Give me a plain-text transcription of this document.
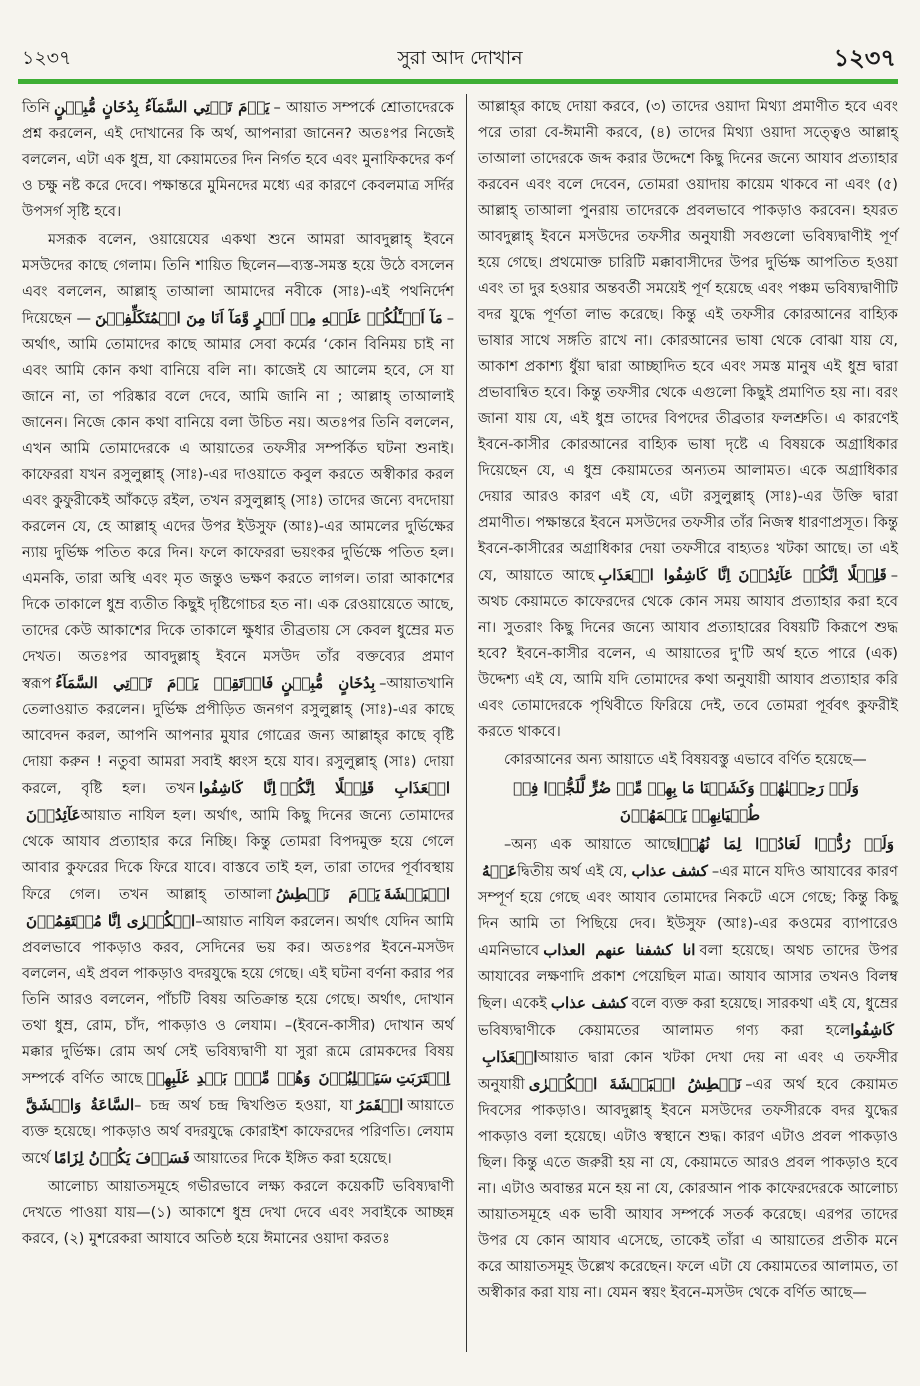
১২৩৭	সুরা আদ দোখান	১২৩৭

তিনি يَوۡمَ تَاۡتِي السَّمَآءُ بِدُخَانٍ مُّبِيۡنٍ – আয়াত সম্পর্কে শ্রোতাদেরকে প্রশ্ন করলেন, এই দোখানের কি অর্থ, আপনারা জানেন? অতঃপর নিজেই বললেন, এটা এক ধুম্র, যা কেয়ামতের দিন নির্গত হবে এবং মুনাফিকদের কর্ণ ও চক্ষু নষ্ট করে দেবে। পক্ষান্তরে মুমিনদের মধ্যে এর কারণে কেবলমাত্র সর্দির উপসর্গ সৃষ্টি হবে।

মসরূক বলেন, ওয়ায়েযের একথা শুনে আমরা আবদুল্লাহ্ ইবনে মসউদের কাছে গেলাম। তিনি শায়িত ছিলেন—ব্যস্ত-সমস্ত হয়ে উঠে বসলেন এবং বললেন, আল্লাহ্ তাআলা আমাদের নবীকে (সাঃ)-এই পথনির্দেশ দিয়েছেন — مَآ اَسۡـَٔلُكُمۡ عَلَيۡهِ مِنۡ اَجۡرٍ وَّمَآ اَنَا مِنَ الۡمُتَكَلِّفِيۡنَ –অর্থাৎ, আমি তোমাদের কাছে আমার সেবা কর্মের ‘কোন বিনিময় চাই না এবং আমি কোন কথা বানিয়ে বলি না। কাজেই যে আলেম হবে, সে যা জানে না, তা পরিষ্কার বলে দেবে, আমি জানি না ; আল্লাহ্ তাআলাই জানেন। নিজে কোন কথা বানিয়ে বলা উচিত নয়। অতঃপর তিনি বললেন, এখন আমি তোমাদেরকে এ আয়াতের তফসীর সম্পর্কিত ঘটনা শুনাই। কাফেররা যখন রসুলুল্লাহ্ (সাঃ)-এর দাওয়াতে কবুল করতে অস্বীকার করল এবং কুফুরীকেই আঁকড়ে রইল, তখন রসুলুল্লাহ্ (সাঃ) তাদের জন্যে বদদোয়া করলেন যে, হে আল্লাহ্ এদের উপর ইউসুফ (আঃ)-এর আমলের দুর্ভিক্ষের ন্যায় দুর্ভিক্ষ পতিত করে দিন। ফলে কাফেররা ভয়ংকর দুর্ভিক্ষে পতিত হল। এমনকি, তারা অস্থি এবং মৃত জন্তুও ভক্ষণ করতে লাগল। তারা আকাশের দিকে তাকালে ধুম্র ব্যতীত কিছুই দৃষ্টিগোচর হত না। এক রেওয়ায়েতে আছে, তাদের কেউ আকাশের দিকে তাকালে ক্ষুধার তীব্রতায় সে কেবল ধুম্রের মত দেখত। অতঃপর আবদুল্লাহ্ ইবনে মসউদ তাঁর বক্তব্যের প্রমাণ স্বরূপ فَارۡتَقِبۡ يَوۡمَ تَاۡتِي السَّمَآءُ بِدُخَانٍ مُّبِيۡنٍ –আয়াতখানি তেলাওয়াত করলেন। দুর্ভিক্ষ প্রপীড়িত জনগণ রসুলুল্লাহ্ (সাঃ)-এর কাছে আবেদন করল, আপনি আপনার মুযার গোত্রের জন্য আল্লাহ্‌র কাছে বৃষ্টি দোয়া করুন ! নতুবা আমরা সবাই ধ্বংস হয়ে যাব। রসুলুল্লাহ্ (সাঃ) দোয়া করলে, বৃষ্টি হল। তখন اِنَّا كَاشِفُوا الۡعَذَابِ قَلِيۡلًا اِنَّكُمۡ عَآئِدُوۡنَআয়াত নাযিল হল। অর্থাৎ, আমি কিছু দিনের জন্যে তোমাদের থেকে আযাব প্রত্যাহার করে নিচ্ছি। কিন্তু তোমরা বিপদমুক্ত হয়ে গেলে আবার কুফরের দিকে ফিরে যাবে। বাস্তবে তাই হল, তারা তাদের পূর্বাবস্থায় ফিরে গেল। তখন আল্লাহ্ তাআলা يَوۡمَ نَبۡطِشُ الۡبَطۡشَةَ الۡكُبۡرٰى اِنَّا مُنۡتَقِمُوۡنَ–আয়াত নাযিল করলেন। অর্থাৎ যেদিন আমি প্রবলভাবে পাকড়াও করব, সেদিনের ভয় কর। অতঃপর ইবনে-মসউদ বললেন, এই প্রবল পাকড়াও বদরযুদ্ধে হয়ে গেছে। এই ঘটনা বর্ণনা করার পর তিনি আরও বললেন, পাঁচটি বিষয় অতিক্রান্ত হয়ে গেছে। অর্থাৎ, দোখান তথা ধুম্র, রোম, চাঁদ, পাকড়াও ও লেযাম। –(ইবনে-কাসীর) দোখান অর্থ মক্কার দুর্ভিক্ষ। রোম অর্থ সেই ভবিষ্যদ্বাণী যা সুরা রূমে রোমকদের বিষয় সম্পর্কে বর্ণিত আছে وَهُمۡ مِّنۡۢ بَعۡدِ غَلَبِهِمۡ سَيَغۡلِبُوۡنَ اِقۡتَرَبَتِ السَّاعَةُ وَانۡشَقَّ– চন্দ্র অর্থ চন্দ্র দ্বিখণ্ডিত হওয়া, যা الۡقَمَرُ আয়াতে ব্যক্ত হয়েছে। পাকড়াও অর্থ বদরযুদ্ধে কোরাইশ কাফেরদের পরিণতি। লেযাম অর্থে فَسَوۡفَ يَكُوۡنُ لِزَامًا আয়াতের দিকে ইঙ্গিত করা হয়েছে।

আলোচ্য আয়াতসমূহে গভীরভাবে লক্ষ্য করলে কয়েকটি ভবিষ্যদ্বাণী দেখতে পাওয়া যায়—(১) আকাশে ধুম্র দেখা দেবে এবং সবাইকে আচ্ছন্ন করবে, (২) মুশরেকরা আযাবে অতিষ্ঠ হয়ে ঈমানের ওয়াদা করতঃ

আল্লাহ্‌র কাছে দোয়া করবে, (৩) তাদের ওয়াদা মিথ্যা প্রমাণীত হবে এবং পরে তারা বে-ঈমানী করবে, (৪) তাদের মিথ্যা ওয়াদা সত্ত্বেও আল্লাহ্ তাআলা তাদেরকে জব্দ করার উদ্দেশে কিছু দিনের জন্যে আযাব প্রত্যাহার করবেন এবং বলে দেবেন, তোমরা ওয়াদায় কায়েম থাকবে না এবং (৫) আল্লাহ্ তাআলা পুনরায় তাদেরকে প্রবলভাবে পাকড়াও করবেন। হযরত আবদুল্লাহ্ ইবনে মসউদের তফসীর অনুযায়ী সবগুলো ভবিষ্যদ্বাণীই পূর্ণ হয়ে গেছে। প্রথমোক্ত চারিটি মক্কাবাসীদের উপর দুর্ভিক্ষ আপতিত হওয়া এবং তা দুর হওয়ার অন্তবর্তী সময়েই পূর্ণ হয়েছে এবং পঞ্চম ভবিষ্যদ্বাণীটি বদর যুদ্ধে পূর্ণতা লাভ করেছে। কিন্তু এই তফসীর কোরআনের বাহ্যিক ভাষার সাথে সঙ্গতি রাখে না। কোরআনের ভাষা থেকে বোঝা যায় যে, আকাশ প্রকাশ্য ধুঁয়া দ্বারা আচ্ছাদিত হবে এবং সমস্ত মানুষ এই ধুম্র দ্বারা প্রভাবান্বিত হবে। কিন্তু তফসীর থেকে এগুলো কিছুই প্রমাণিত হয় না। বরং জানা যায় যে, এই ধুম্র তাদের বিপদের তীব্রতার ফলশ্রুতি। এ কারণেই ইবনে-কাসীর কোরআনের বাহ্যিক ভাষা দৃষ্টে এ বিষয়কে অগ্রাধিকার দিয়েছেন যে, এ ধুম্র কেয়ামতের অন্যতম আলামত। একে অগ্রাধিকার দেয়ার আরও কারণ এই যে, এটা রসুলুল্লাহ্ (সাঃ)-এর উক্তি দ্বারা প্রমাণীত। পক্ষান্তরে ইবনে মসউদের তফসীর তাঁর নিজস্ব ধারণাপ্রসূত। কিন্তু ইবনে-কাসীরের অগ্রাধিকার দেয়া তফসীরে বাহ্যতঃ খটকা আছে। তা এই যে, আয়াতে আছে اِنَّا كَاشِفُوا الۡعَذَابِ قَلِيۡلًا اِنَّكُمۡ عَآئِدُوۡنَ –অথচ কেয়ামতে কাফেরদের থেকে কোন সময় আযাব প্রত্যাহার করা হবে না। সুতরাং কিছু দিনের জন্যে আযাব প্রত্যাহারের বিষয়টি কিরূপে শুদ্ধ হবে? ইবনে-কাসীর বলেন, এ আয়াতের দু'টি অর্থ হতে পারে (এক) উদ্দেশ্য এই যে, আমি যদি তোমাদের কথা অনুযায়ী আযাব প্রত্যাহার করি এবং তোমাদেরকে পৃথিবীতে ফিরিয়ে দেই, তবে তোমরা পূর্ববৎ কুফরীই করতে থাকবে।

কোরআনের অন্য আয়াতে এই বিষয়বস্তু এভাবে বর্ণিত হয়েছে—

وَلَوۡ رَحِمۡنٰهُمۡ وَكَشَفۡنَا مَا بِهِمۡ مِّنۡ ضُرٍّ لَّلَجُّوۡا فِيۡ طُغۡيَانِهِمۡ يَعۡمَهُوۡنَ

–অন্য এক আয়াতে আছেوَلَوۡ رُدُّوۡا لَعَادُوۡا لِمَا نُهُوۡا عَنۡهُদ্বিতীয় অর্থ এই যে, كشف عذاب –এর মানে যদিও আযাবের কারণ সম্পূর্ণ হয়ে গেছে এবং আযাব তোমাদের নিকটে এসে গেছে; কিন্তু কিছু দিন আমি তা পিছিয়ে দেব। ইউসুফ (আঃ)-এর কওমের ব্যাপারেও এমনিভাবে انا كشفنا عنهم العذاب বলা হয়েছে। অথচ তাদের উপর আযাবের লক্ষণাদি প্রকাশ পেয়েছিল মাত্র। আযাব আসার তখনও বিলম্ব ছিল। একেই كشف عذاب বলে ব্যক্ত করা হয়েছে। সারকথা এই যে, ধুম্রের ভবিষ্যদ্বাণীকে কেয়ামতের আলামত গণ্য করা হলেكَاشِفُوا الۡعَذَابِআয়াত দ্বারা কোন খটকা দেখা দেয় না এবং এ তফসীর অনুযায়ী نَبۡطِشُ الۡبَطۡشَةَ الۡكُبۡرٰى –এর অর্থ হবে কেয়ামত দিবসের পাকড়াও। আবদুল্লাহ্ ইবনে মসউদের তফসীরকে বদর যুদ্ধের পাকড়াও বলা হয়েছে। এটাও স্বস্থানে শুদ্ধ। কারণ এটাও প্রবল পাকড়াও ছিল। কিন্তু এতে জরুরী হয় না যে, কেয়ামতে আরও প্রবল পাকড়াও হবে না। এটাও অবান্তর মনে হয় না যে, কোরআন পাক কাফেরদেরকে আলোচ্য আয়াতসমূহে এক ভাবী আযাব সম্পর্কে সতর্ক করেছে। এরপর তাদের উপর যে কোন আযাব এসেছে, তাকেই তাঁরা এ আয়াতের প্রতীক মনে করে আয়াতসমূহ উল্লেখ করেছেন। ফলে এটা যে কেয়ামতের আলামত, তা অস্বীকার করা যায় না। যেমন স্বয়ং ইবনে-মসউদ থেকে বর্ণিত আছে—
